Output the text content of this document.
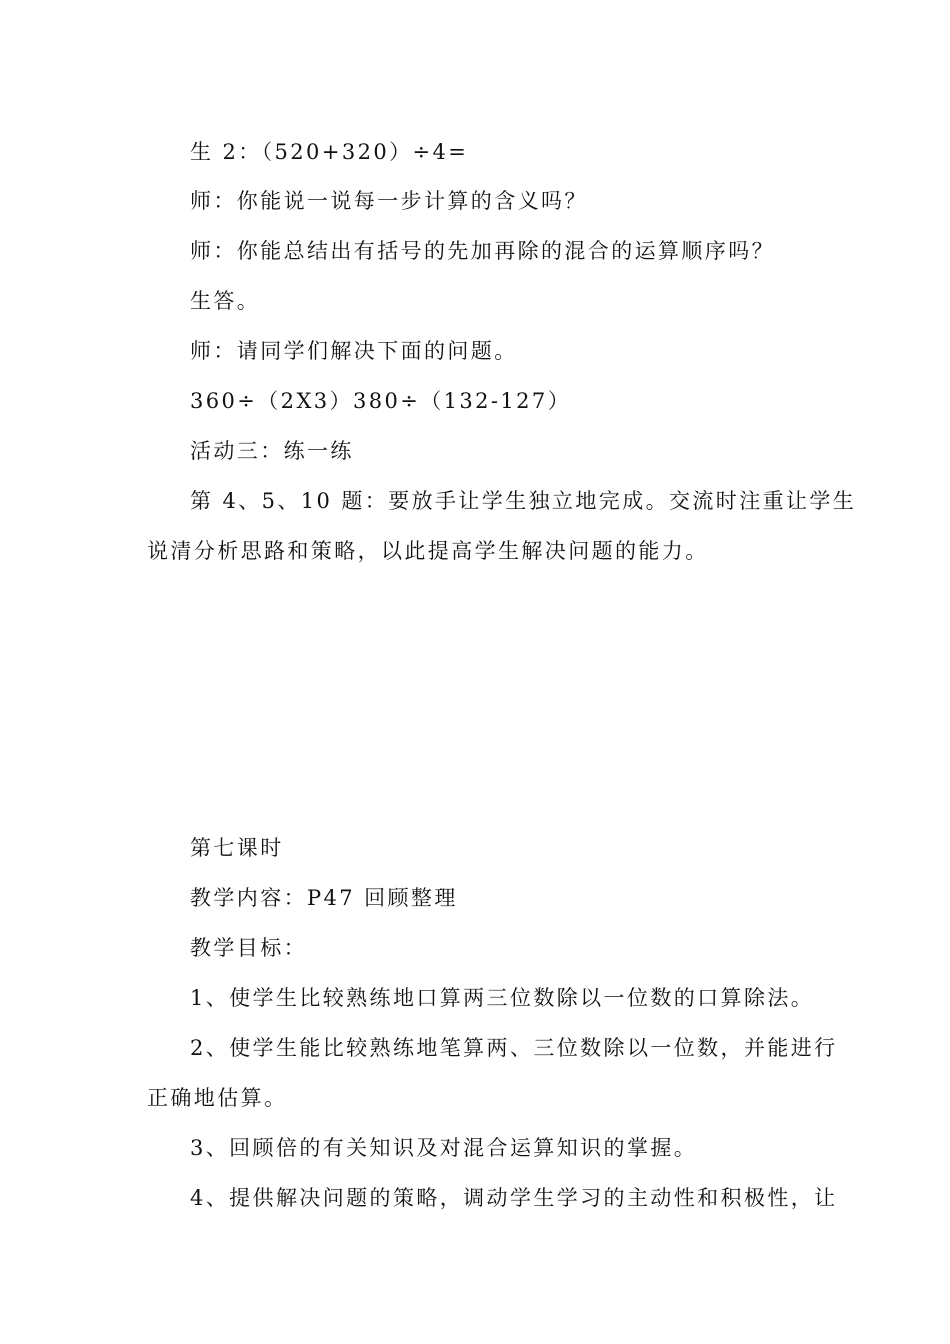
生 2：（520+320）÷4=
师：你能说一说每一步计算的含义吗？
师：你能总结出有括号的先加再除的混合的运算顺序吗？
生答。
师：请同学们解决下面的问题。
360÷（2X3）380÷（132-127）
活动三：练一练
第 4、5、10 题：要放手让学生独立地完成。交流时注重让学生
说清分析思路和策略，以此提高学生解决问题的能力。
第七课时
教学内容：P47 回顾整理
教学目标：
1、使学生比较熟练地口算两三位数除以一位数的口算除法。
2、使学生能比较熟练地笔算两、三位数除以一位数，并能进行
正确地估算。
3、回顾倍的有关知识及对混合运算知识的掌握。
4、提供解决问题的策略，调动学生学习的主动性和积极性，让
